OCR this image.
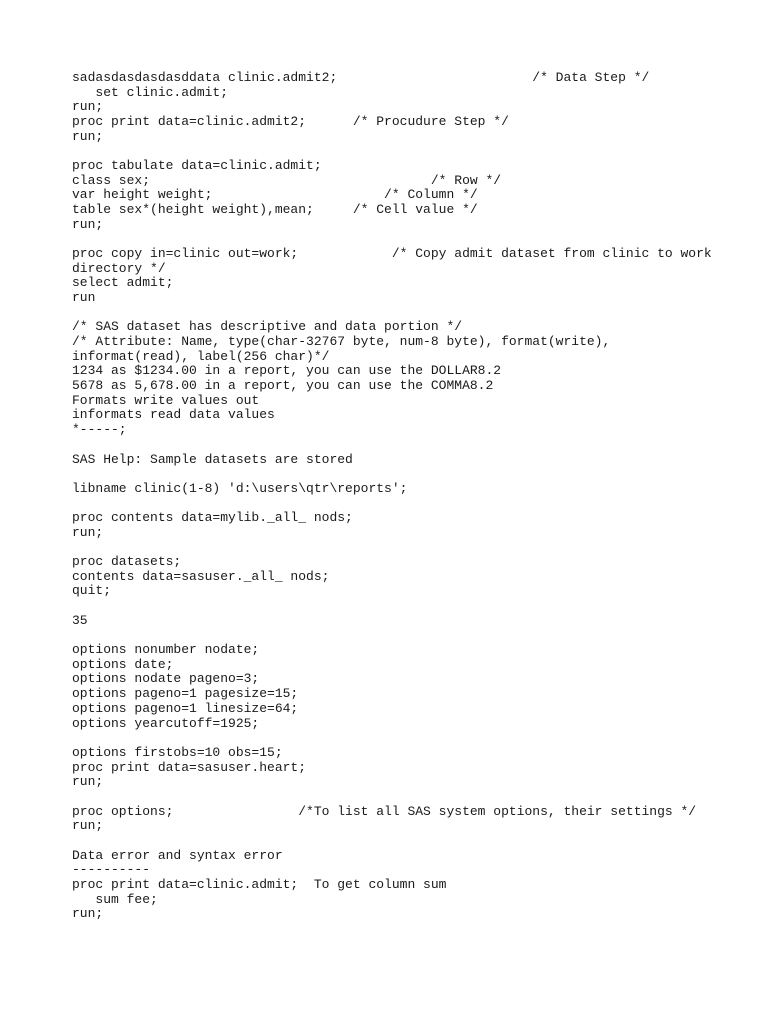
sadasdasdasdasddata clinic.admit2;                         /* Data Step */

set clinic.admit;

run;

proc print data=clinic.admit2;      /* Procudure Step */

run;

proc tabulate data=clinic.admit;

class sex;                                    /* Row */

var height weight;                      /* Column */

table sex*(height weight),mean;     /* Cell value */

run;

proc copy in=clinic out=work;            /* Copy admit dataset from clinic to work

directory */

select admit;

run

/* SAS dataset has descriptive and data portion */

/* Attribute: Name, type(char-32767 byte, num-8 byte), format(write),

informat(read), label(256 char)*/

1234 as $1234.00 in a report, you can use the DOLLAR8.2

5678 as 5,678.00 in a report, you can use the COMMA8.2

Formats write values out

informats read data values

*-----;

SAS Help: Sample datasets are stored

libname clinic(1-8) 'd:\users\qtr\reports';

proc contents data=mylib._all_ nods;

run;

proc datasets;

contents data=sasuser._all_ nods;

quit;

35

options nonumber nodate;

options date;

options nodate pageno=3;

options pageno=1 pagesize=15;

options pageno=1 linesize=64;

options yearcutoff=1925;

options firstobs=10 obs=15;

proc print data=sasuser.heart;

run;

proc options;                /*To list all SAS system options, their settings */

run;

Data error and syntax error

----------

proc print data=clinic.admit;  To get column sum

sum fee;

run;
